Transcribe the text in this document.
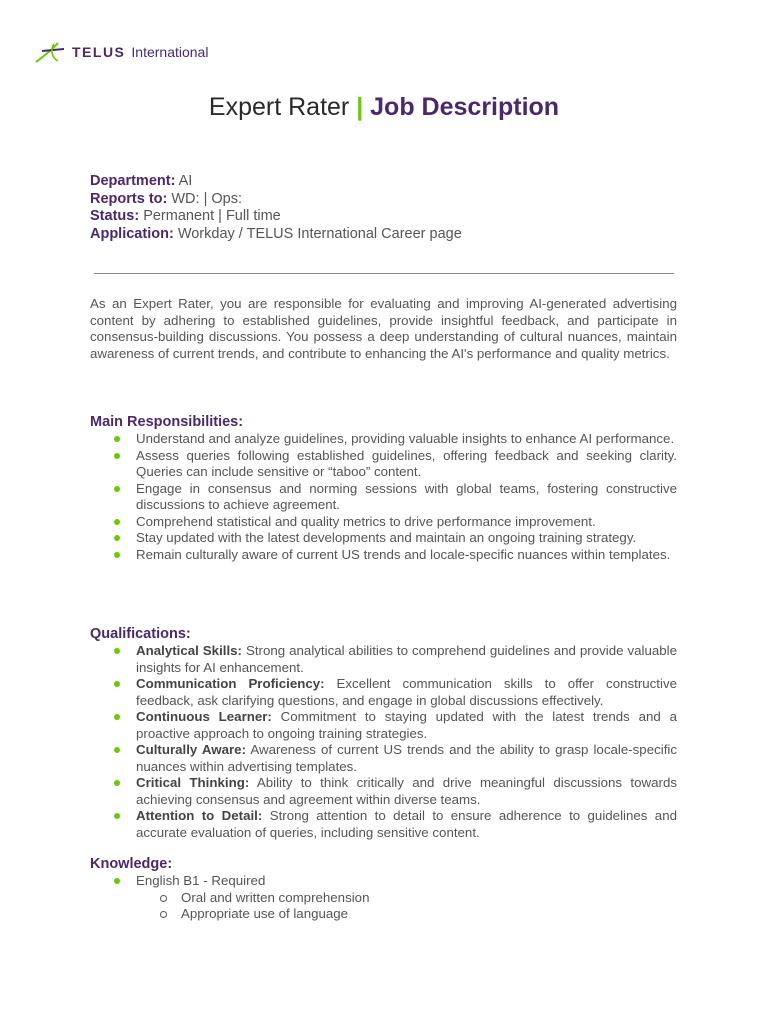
TELUS International
Expert Rater | Job Description
Department: AI
Reports to: WD: | Ops:
Status: Permanent | Full time
Application: Workday / TELUS International Career page
As an Expert Rater, you are responsible for evaluating and improving AI-generated advertising content by adhering to established guidelines, provide insightful feedback, and participate in consensus-building discussions. You possess a deep understanding of cultural nuances, maintain awareness of current trends, and contribute to enhancing the AI's performance and quality metrics.
Main Responsibilities:
Understand and analyze guidelines, providing valuable insights to enhance AI performance.
Assess queries following established guidelines, offering feedback and seeking clarity. Queries can include sensitive or “taboo” content.
Engage in consensus and norming sessions with global teams, fostering constructive discussions to achieve agreement.
Comprehend statistical and quality metrics to drive performance improvement.
Stay updated with the latest developments and maintain an ongoing training strategy.
Remain culturally aware of current US trends and locale-specific nuances within templates.
Qualifications:
Analytical Skills: Strong analytical abilities to comprehend guidelines and provide valuable insights for AI enhancement.
Communication Proficiency: Excellent communication skills to offer constructive feedback, ask clarifying questions, and engage in global discussions effectively.
Continuous Learner: Commitment to staying updated with the latest trends and a proactive approach to ongoing training strategies.
Culturally Aware: Awareness of current US trends and the ability to grasp locale-specific nuances within advertising templates.
Critical Thinking: Ability to think critically and drive meaningful discussions towards achieving consensus and agreement within diverse teams.
Attention to Detail: Strong attention to detail to ensure adherence to guidelines and accurate evaluation of queries, including sensitive content.
Knowledge:
English B1 - Required
Oral and written comprehension
Appropriate use of language
